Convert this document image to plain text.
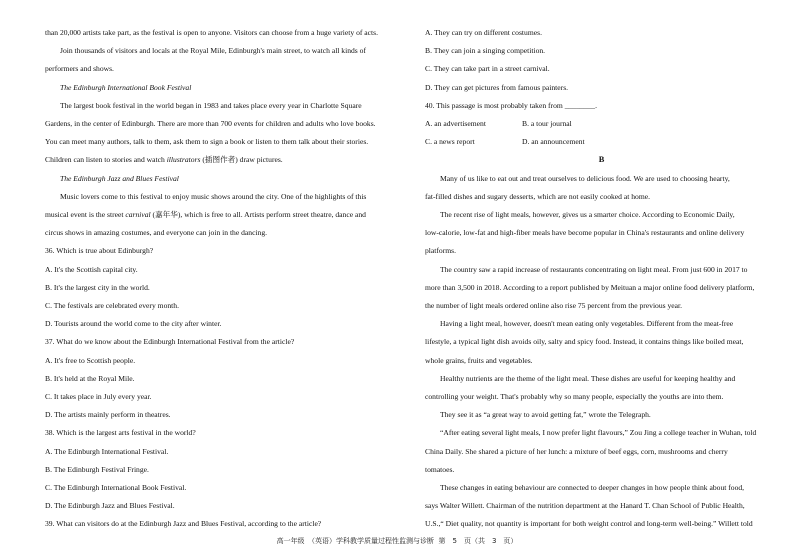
than 20,000 artists take part, as the festival is open to anyone. Visitors can choose from a huge variety of acts.
Join thousands of visitors and locals at the Royal Mile, Edinburgh's main street, to watch all kinds of
performers and shows.
The Edinburgh International Book Festival
The largest book festival in the world began in 1983 and takes place every year in Charlotte Square
Gardens, in the center of Edinburgh. There are more than 700 events for children and adults who love books.
You can meet many authors, talk to them, ask them to sign a book or listen to them talk about their stories.
Children can listen to stories and watch illustrators (插图作者) draw pictures.
The Edinburgh Jazz and Blues Festival
Music lovers come to this festival to enjoy music shows around the city. One of the highlights of this
musical event is the street carnival (嘉年华), which is free to all. Artists perform street theatre, dance and
circus shows in amazing costumes, and everyone can join in the dancing.
36. Which is true about Edinburgh?
A. It's the Scottish capital city.
B. It's the largest city in the world.
C. The festivals are celebrated every month.
D. Tourists around the world come to the city after winter.
37. What do we know about the Edinburgh International Festival from the article?
A. It's free to Scottish people.
B. It's held at the Royal Mile.
C. It takes place in July every year.
D. The artists mainly perform in theatres.
38. Which is the largest arts festival in the world?
A. The Edinburgh International Festival.
B. The Edinburgh Festival Fringe.
C. The Edinburgh International Book Festival.
D. The Edinburgh Jazz and Blues Festival.
39. What can visitors do at the Edinburgh Jazz and Blues Festival, according to the article?
A. They can try on different costumes.
B. They can join a singing competition.
C. They can take part in a street carnival.
D. They can get pictures from famous painters.
40. This passage is most probably taken from ________.
A. an advertisement	B. a tour journal
C. a news report	D. an announcement
B
Many of us like to eat out and treat ourselves to delicious food. We are used to choosing hearty,
fat-filled dishes and sugary desserts, which are not easily cooked at home.
The recent rise of light meals, however, gives us a smarter choice. According to Economic Daily,
low-calorie, low-fat and high-fiber meals have become popular in China's restaurants and online delivery
platforms.
The country saw a rapid increase of restaurants concentrating on light meal. From just 600 in 2017 to
more than 3,500 in 2018. According to a report published by Meituan a major online food delivery platform,
the number of light meals ordered online also rise 75 percent from the previous year.
Having a light meal, however, doesn't mean eating only vegetables. Different from the meat-free
lifestyle, a typical light dish avoids oily, salty and spicy food. Instead, it contains things like boiled meat,
whole grains, fruits and vegetables.
Healthy nutrients are the theme of the light meal. These dishes are useful for keeping healthy and
controlling your weight. That's probably why so many people, especially the youths are into them.
They see it as “a great way to avoid getting fat,” wrote the Telegraph.
“After eating several light meals, I now prefer light flavours,” Zou Jing a college teacher in Wuhan, told
China Daily. She shared a picture of her lunch: a mixture of beef eggs, corn, mushrooms and cherry
tomatoes.
These changes in eating behaviour are connected to deeper changes in how people think about food,
says Walter Willett. Chairman of the nutrition department at the Hanard T. Chan School of Public Health,
U.S.,“ Diet quality, not quantity is important for both weight control and long-term well-being.” Willett told
高一年级　（英语）学科教学质量过程性监测与诊断  第　5　页（共　3　页）
